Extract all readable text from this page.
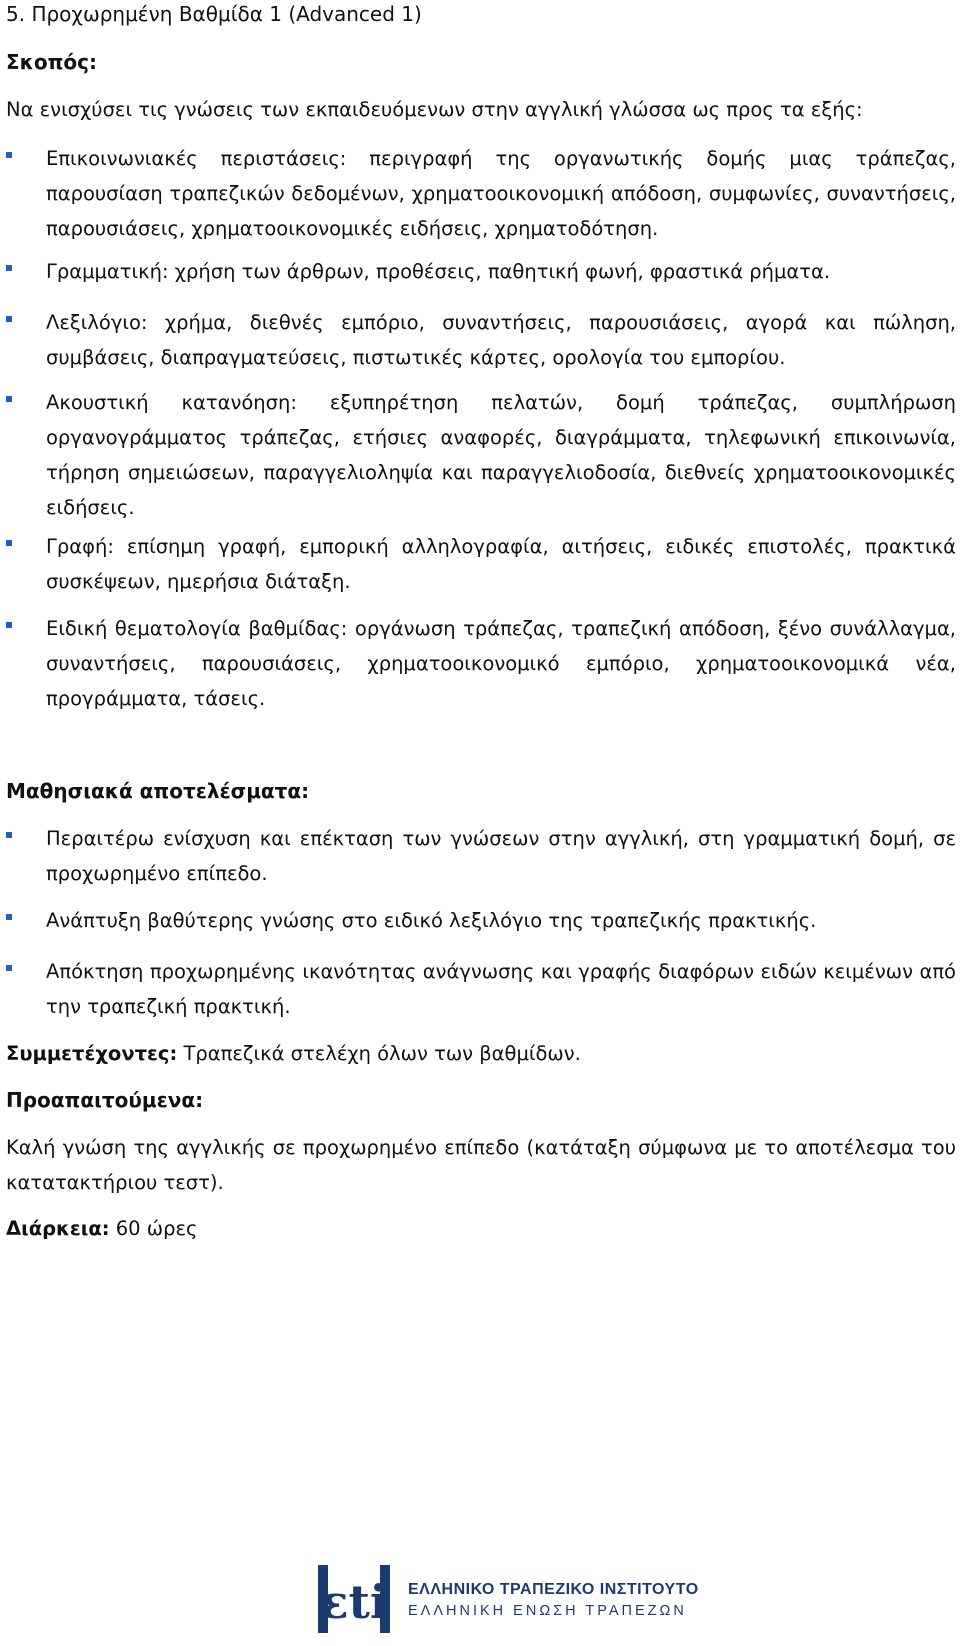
5. Προχωρημένη Βαθμίδα 1 (Advanced 1)
Σκοπός:

Να ενισχύσει τις γνώσεις των εκπαιδευόμενων στην αγγλική γλώσσα ως προς τα εξής:

Επικοινωνιακές περιστάσεις: περιγραφή της οργανωτικής δομής μιας τράπεζας, παρουσίαση τραπεζικών δεδομένων, χρηματοοικονομική απόδοση, συμφωνίες, συναντήσεις, παρουσιάσεις, χρηματοοικονομικές ειδήσεις, χρηματοδότηση.
Γραμματική: χρήση των άρθρων, προθέσεις, παθητική φωνή, φραστικά ρήματα.
Λεξιλόγιο: χρήμα, διεθνές εμπόριο, συναντήσεις, παρουσιάσεις, αγορά και πώληση, συμβάσεις, διαπραγματεύσεις, πιστωτικές κάρτες, ορολογία του εμπορίου.
Ακουστική κατανόηση: εξυπηρέτηση πελατών, δομή τράπεζας, συμπλήρωση οργανογράμματος τράπεζας, ετήσιες αναφορές, διαγράμματα, τηλεφωνική επικοινωνία, τήρηση σημειώσεων, παραγγελιοληψία και παραγγελιοδοσία, διεθνείς χρηματοοικονομικές ειδήσεις.
Γραφή: επίσημη γραφή, εμπορική αλληλογραφία, αιτήσεις, ειδικές επιστολές, πρακτικά συσκέψεων, ημερήσια διάταξη.
Ειδική θεματολογία βαθμίδας: οργάνωση τράπεζας, τραπεζική απόδοση, ξένο συνάλλαγμα, συναντήσεις, παρουσιάσεις, χρηματοοικονομικό εμπόριο, χρηματοοικονομικά νέα, προγράμματα, τάσεις.
Μαθησιακά αποτελέσματα:
Περαιτέρω ενίσχυση και επέκταση των γνώσεων στην αγγλική, στη γραμματική δομή, σε προχωρημένο επίπεδο.
Ανάπτυξη βαθύτερης γνώσης στο ειδικό λεξιλόγιο της τραπεζικής πρακτικής.
Απόκτηση προχωρημένης ικανότητας ανάγνωσης και γραφής διαφόρων ειδών κειμένων από την τραπεζική πρακτική.

Συμμετέχοντες: Τραπεζικά στελέχη όλων των βαθμίδων.

Προαπαιτούμενα:

Καλή γνώση της αγγλικής σε προχωρημένο επίπεδο (κατάταξη σύμφωνα με το αποτέλεσμα του κατατακτήριου τεστ).

Διάρκεια: 60 ώρες

εti ΕΛΛΗΝΙΚΟ ΤΡΑΠΕΖΙΚΟ ΙΝΣΤΙΤΟΥΤΟ
ΕΛΛΗΝΙΚΗ ΕΝΩΣΗ ΤΡΑΠΕΖΩΝ
